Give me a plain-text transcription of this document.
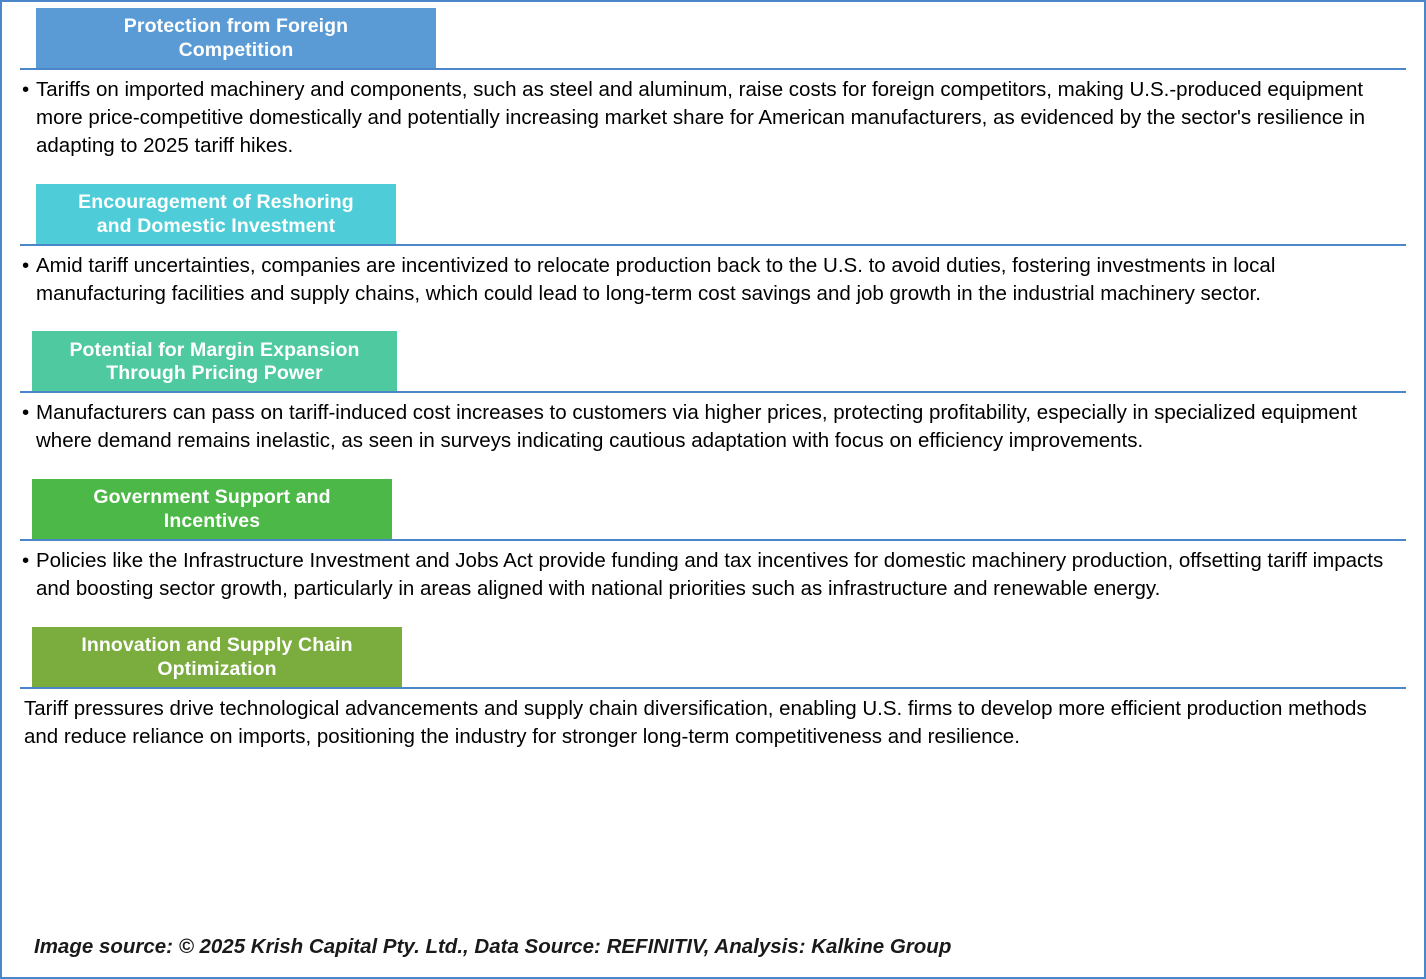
Protection from Foreign
Competition
• Tariffs on imported machinery and components, such as steel and aluminum, raise costs for foreign competitors, making U.S.-produced equipment more price-competitive domestically and potentially increasing market share for American manufacturers, as evidenced by the sector's resilience in adapting to 2025 tariff hikes.
Encouragement of Reshoring
and Domestic Investment
• Amid tariff uncertainties, companies are incentivized to relocate production back to the U.S. to avoid duties, fostering investments in local manufacturing facilities and supply chains, which could lead to long-term cost savings and job growth in the industrial machinery sector.
Potential for Margin Expansion
Through Pricing Power
• Manufacturers can pass on tariff-induced cost increases to customers via higher prices, protecting profitability, especially in specialized equipment where demand remains inelastic, as seen in surveys indicating cautious adaptation with focus on efficiency improvements.
Government Support and
Incentives
• Policies like the Infrastructure Investment and Jobs Act provide funding and tax incentives for domestic machinery production, offsetting tariff impacts and boosting sector growth, particularly in areas aligned with national priorities such as infrastructure and renewable energy.
Innovation and Supply Chain
Optimization
Tariff pressures drive technological advancements and supply chain diversification, enabling U.S. firms to develop more efficient production methods and reduce reliance on imports, positioning the industry for stronger long-term competitiveness and resilience.
Image source: © 2025 Krish Capital Pty. Ltd., Data Source: REFINITIV, Analysis: Kalkine Group
